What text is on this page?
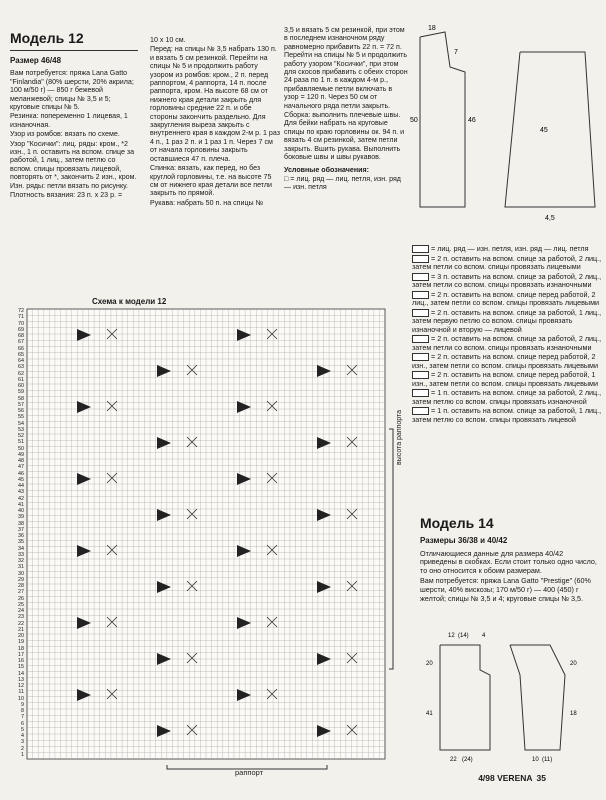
Модель 12
Размер 46/48

Вам потребуется: пряжа Lana Gatto "Finlandia" (80% шерсти, 20% акрила; 100 м/50 г) — 850 г бежевой меланжевой; спицы № 3,5 и 5; круговые спицы № 5.

Резинка: попеременно 1 лицевая, 1 изнаночная.

Узор из ромбов: вязать по схеме.

Узор "Косички": лиц. ряды: кром., *2 изн., 1 п. оставить на вспом. спице за работой, 1 лиц., затем петлю со вспом. спицы провязать лицевой, повторять от *, закончить 2 изн., кром. Изн. ряды: петли вязать по рисунку.

Плотность вязания: 23 п. х 23 р. =

10 х 10 см.

Перед: на спицы № 3,5 набрать 130 п. и вязать 5 см резинкой. Перейти на спицы № 5 и продолжить работу узором из ромбов: кром., 2 п. перед раппортом, 4 раппорта, 14 п. после раппорта, кром. На высоте 68 см от нижнего края детали закрыть для горловины средние 22 п. и обе стороны закончить раздельно. Для закругления выреза закрыть с внутреннего края в каждом 2-м р. 1 раз 4 п., 1 раз 2 п. и 1 раз 1 п. Через 7 см от начала горловины закрыть оставшиеся 47 п. плеча.

Спинка: вязать, как перед, но без круглой горловины, т.е. на высоте 75 см от нижнего края детали все петли закрыть по прямой.

Рукава: набрать 50 п. на спицы №

3,5 и вязать 5 см резинкой, при этом в последнем изнаночном ряду равномерно прибавить 22 п. = 72 п. Перейти на спицы № 5 и продолжить работу узором "Косички", при этом для скосов прибавить с обеих сторон 24 раза по 1 п. в каждом 4-м р., прибавляемые петли включать в узор = 120 п. Через 50 см от начального ряда петли закрыть.

Сборка: выполнить плечевые швы. Для бейки набрать на круговые спицы по краю горловины ок. 94 п. и вязать 4 см резинкой, затем петли закрыть. Вшить рукава. Выполнить боковые швы и швы рукавов.

Условные обозначения:

□ = лиц. ряд — лиц. петля, изн. ряд — изн. петля

18
7
46
45
50
4,5
Схема к модели 12
72
71
70
69
68
67
66
65
64
63
62
61
60
59
58
57
56
55
54
53
52
51
50
49
48
47
46
45
44
43
42
41
40
39
38
37
36
35
34
33
32
31
30
29
28
27
26
25
24
23
22
21
20
19
18
17
16
15
14
13
12
11
10
9
8
7
6
5
4
3
2
1
высота раппорта
раппорт
= лиц. ряд — изн. петля, изн. ряд — лиц. петля
= 2 п. оставить на вспом. спице за работой, 2 лиц., затем петли со вспом. спицы провязать лицевыми
= 3 п. оставить на вспом. спице за работой, 2 лиц., затем петли со вспом. спицы провязать изнаночными
= 2 п. оставить на вспом. спице перед работой, 2 лиц., затем петли со вспом. спицы провязать лицевыми
= 2 п. оставить на вспом. спице за работой, 1 лиц., затем первую петлю со вспом. спицы провязать изнаночной и вторую — лицевой
= 2 п. оставить на вспом. спице за работой, 2 лиц., затем петли со вспом. спицы провязать изнаночными
= 2 п. оставить на вспом. спице перед работой, 2 изн., затем петли со вспом. спицы провязать лицевыми
= 2 п. оставить на вспом. спице перед работой, 1 изн., затем петли со вспом. спицы провязать лицевыми
= 1 п. оставить на вспом. спице за работой, 2 лиц., затем петлю со вспом. спицы провязать изнаночной
= 1 п. оставить на вспом. спице за работой, 1 лиц., затем петлю со вспом. спицы провязать лицевой
Модель 14
Размеры 36/38 и 40/42

Отличающиеся данные для размера 40/42 приведены в скобках. Если стоит только одно число, то оно относится к обоим размерам.

Вам потребуется: пряжа Lana Gatto "Prestige" (60% шерсти, 40% вискозы; 170 м/50 г) — 400 (450) г желтой; спицы № 3,5 и 4; круговые спицы № 3,5.

12 (14) 4
20
41
20
18
22 (24)	10 (11)
4/98 VERENA 35
